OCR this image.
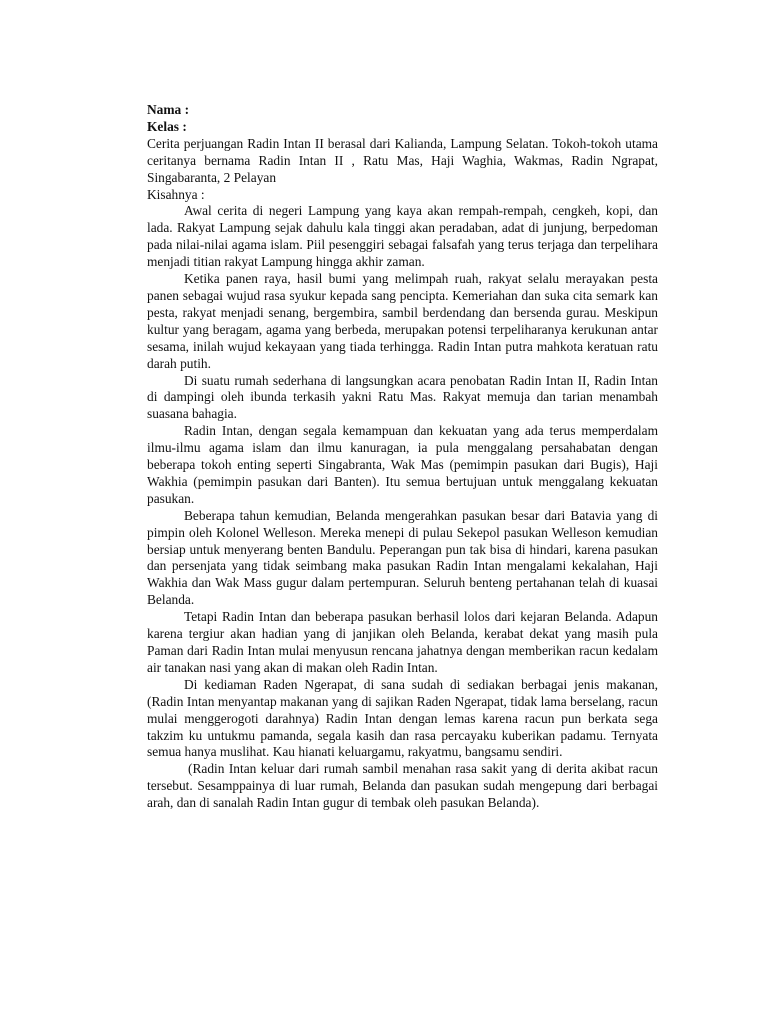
Nama :
Kelas :

Cerita perjuangan Radin Intan II berasal dari Kalianda, Lampung Selatan. Tokoh-tokoh utama ceritanya bernama Radin Intan II , Ratu Mas, Haji Waghia, Wakmas, Radin Ngrapat, Singabaranta, 2 Pelayan

Kisahnya :

Awal cerita di negeri Lampung yang kaya akan rempah-rempah, cengkeh, kopi, dan lada. Rakyat Lampung sejak dahulu kala tinggi akan peradaban, adat di junjung, berpedoman pada nilai-nilai agama islam. Piil pesenggiri sebagai falsafah yang terus terjaga dan terpelihara menjadi titian rakyat Lampung hingga akhir zaman.

Ketika panen raya, hasil bumi yang melimpah ruah, rakyat selalu merayakan pesta panen sebagai wujud rasa syukur kepada sang pencipta. Kemeriahan dan suka cita semark kan pesta, rakyat menjadi senang, bergembira, sambil berdendang dan bersenda gurau. Meskipun kultur yang beragam, agama yang berbeda, merupakan potensi terpeliharanya kerukunan antar sesama, inilah wujud kekayaan yang tiada terhingga. Radin Intan putra mahkota keratuan ratu darah putih.

Di suatu rumah sederhana di langsungkan acara penobatan Radin Intan II, Radin Intan di dampingi oleh ibunda terkasih yakni Ratu Mas. Rakyat memuja dan tarian menambah suasana bahagia.

Radin Intan, dengan segala kemampuan dan kekuatan yang ada terus memperdalam ilmu-ilmu agama islam dan ilmu kanuragan, ia pula menggalang persahabatan dengan beberapa tokoh enting seperti Singabranta, Wak Mas (pemimpin pasukan dari Bugis), Haji Wakhia (pemimpin pasukan dari Banten). Itu semua bertujuan untuk menggalang kekuatan pasukan.

Beberapa tahun kemudian, Belanda mengerahkan pasukan besar dari Batavia yang di pimpin oleh Kolonel Welleson. Mereka menepi di pulau Sekepol pasukan Welleson kemudian bersiap untuk menyerang benten Bandulu. Peperangan pun tak bisa di hindari, karena pasukan dan persenjata yang tidak seimbang maka pasukan Radin Intan mengalami kekalahan, Haji Wakhia dan Wak Mass gugur dalam pertempuran. Seluruh benteng pertahanan telah di kuasai Belanda.

Tetapi Radin Intan dan beberapa pasukan berhasil lolos dari kejaran Belanda. Adapun karena tergiur akan hadian yang di janjikan oleh Belanda, kerabat dekat yang masih pula Paman dari Radin Intan mulai menyusun rencana jahatnya dengan memberikan racun kedalam air tanakan nasi yang akan di makan oleh Radin Intan.

Di kediaman Raden Ngerapat, di sana sudah di sediakan berbagai jenis makanan, (Radin Intan menyantap makanan yang di sajikan Raden Ngerapat, tidak lama berselang, racun mulai menggerogoti darahnya) Radin Intan dengan lemas karena racun pun berkata sega takzim ku untukmu pamanda, segala kasih dan rasa percayaku kuberikan padamu. Ternyata semua hanya muslihat. Kau hianati keluargamu, rakyatmu, bangsamu sendiri.

(Radin Intan keluar dari rumah sambil menahan rasa sakit yang di derita akibat racun tersebut. Sesamppainya di luar rumah, Belanda dan pasukan sudah mengepung dari berbagai arah, dan di sanalah Radin Intan gugur di tembak oleh pasukan Belanda).
